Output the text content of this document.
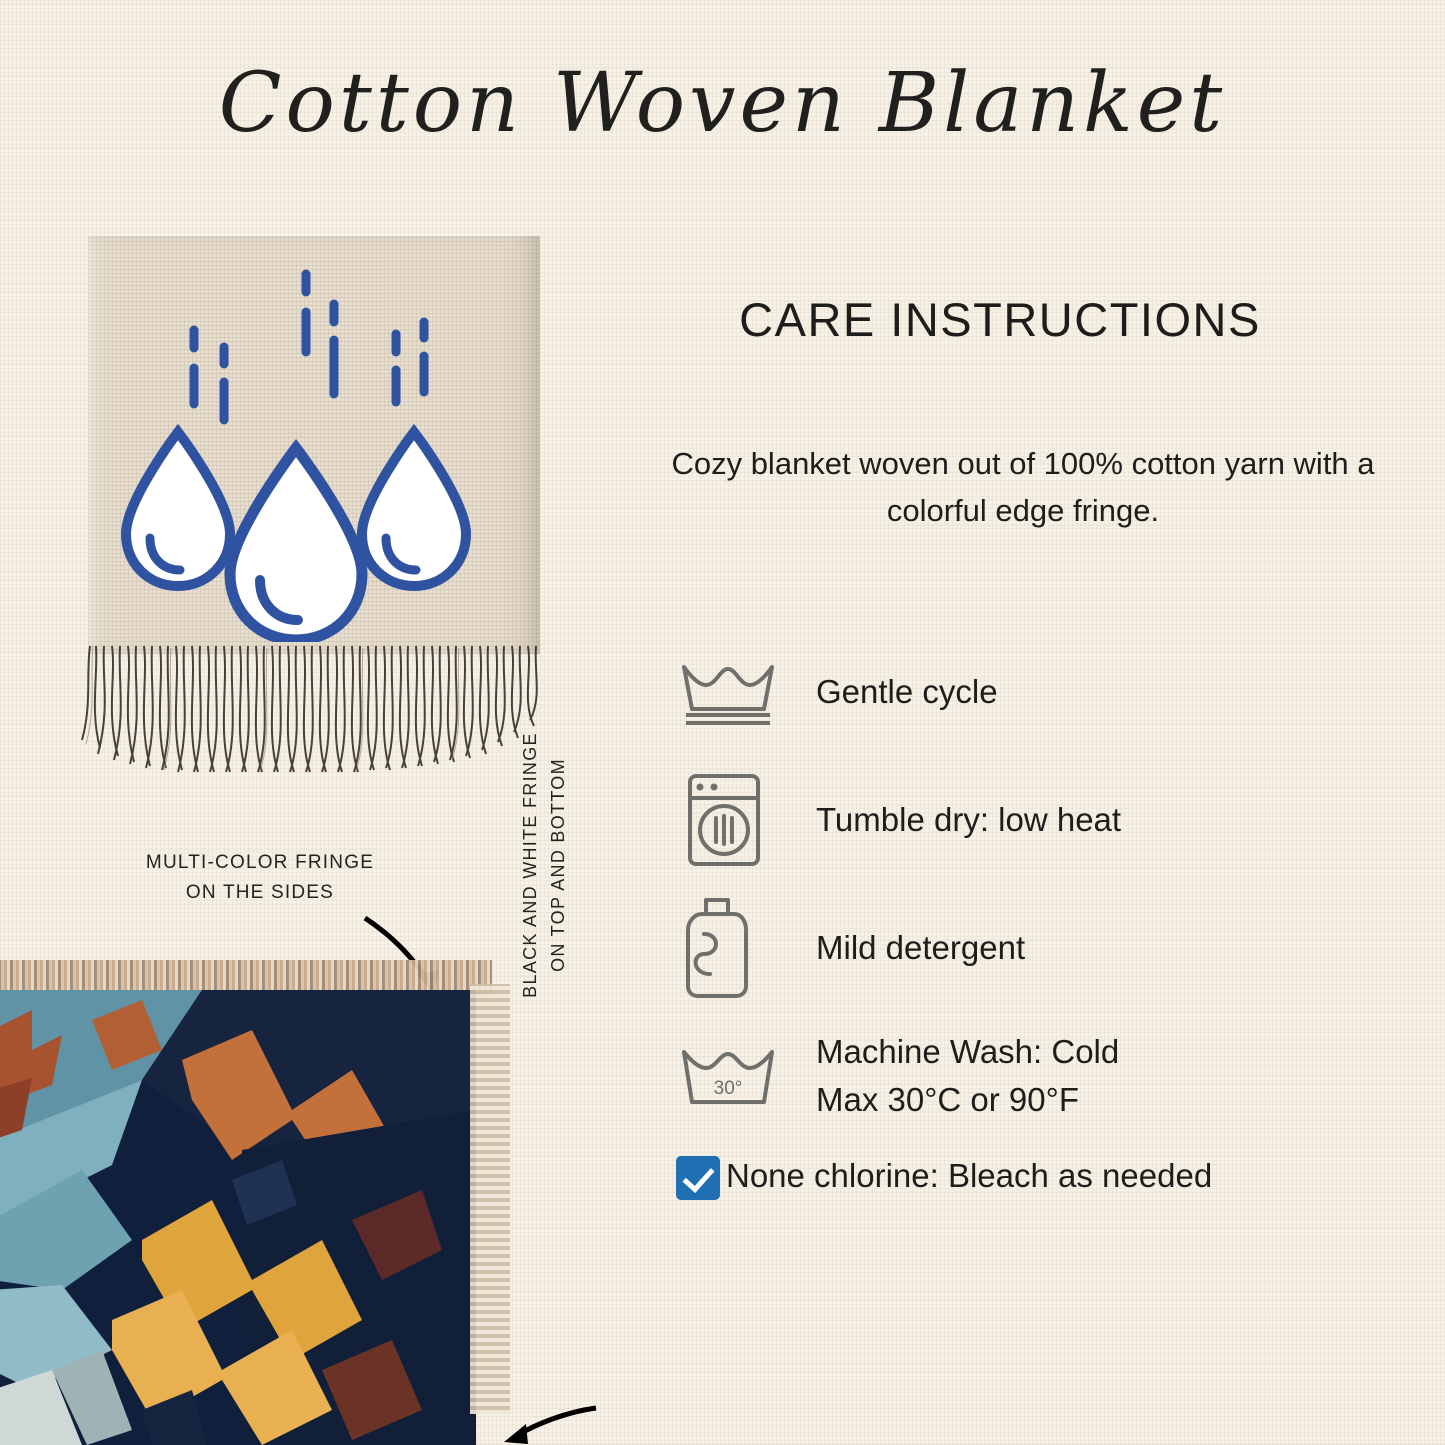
Cotton Woven Blanket
MULTI-COLOR FRINGE
ON THE SIDES	BLACK AND WHITE FRINGE ON TOP AND BOTTOM
CARE INSTRUCTIONS
Cozy blanket woven out of 100% cotton yarn with a colorful edge fringe.
Gentle cycle
Tumble dry: low heat
Mild detergent
30°
Machine Wash: Cold
Max 30°C or 90°F
None chlorine: Bleach as needed
